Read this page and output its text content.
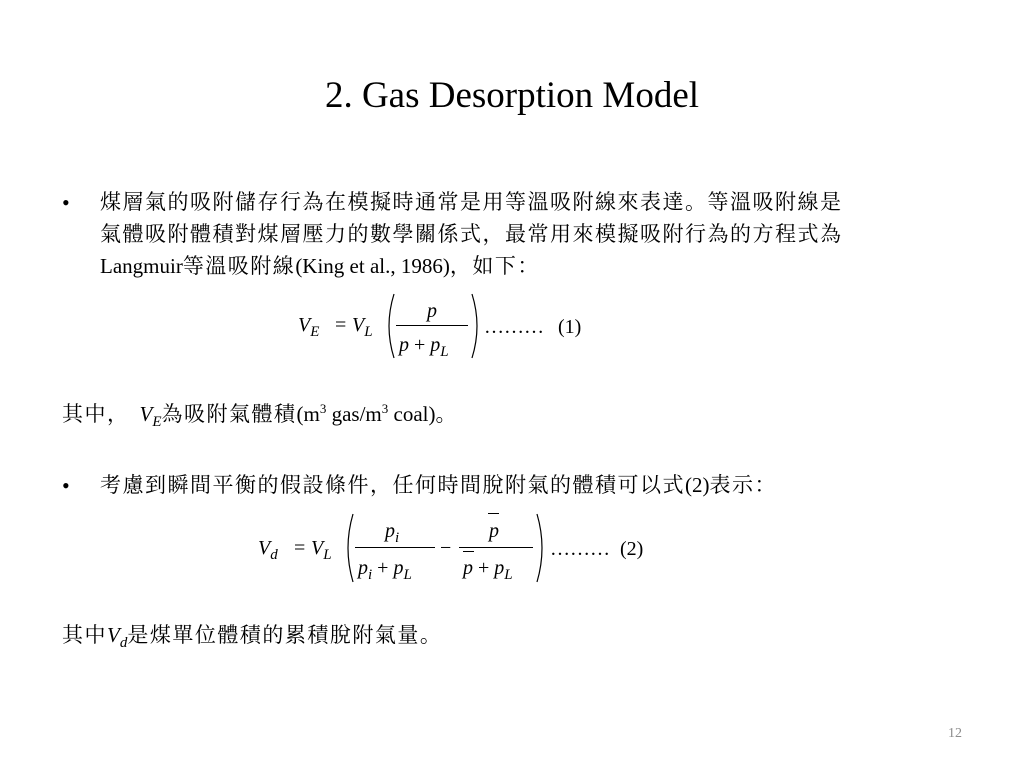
2. Gas Desorption Model
• 煤層氣的吸附儲存行為在模擬時通常是用等溫吸附線來表達。等溫吸附線是
氣體吸附體積對煤層壓力的數學關係式，最常用來模擬吸附行為的方程式為
Langmuir等溫吸附線(King et al., 1986)，如下：
$V_E = V_L$
p
$p + p_L$
……… (1)
其中， $V_E$為吸附氣體積($m^3$ gas/$m^3$ coal)。
• 考慮到瞬間平衡的假設條件，任何時間脫附氣的體積可以式(2)表示：
$V_d = V_L$
$p_i$
$p_i + p_L$
−
p
$p + p_L$
……… (2)
其中$V_d$是煤單位體積的累積脫附氣量。
12
